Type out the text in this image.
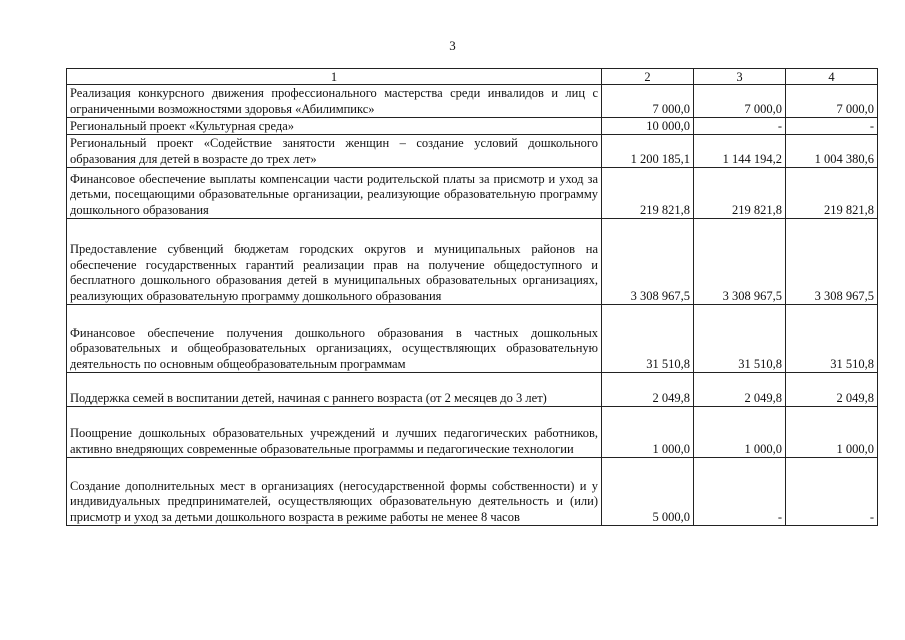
3
1	2	3	4
Реализация конкурсного движения профессионального мастерства среди инвалидов и лиц с ограниченными возможностями здоровья «Абилимпикс»	7 000,0	7 000,0	7 000,0
Региональный проект «Культурная среда»	10 000,0	-	-
Региональный проект «Содействие занятости женщин – создание условий дошкольного образования для детей в возрасте до трех лет»	1 200 185,1	1 144 194,2	1 004 380,6
Финансовое обеспечение выплаты компенсации части родительской платы за присмотр и уход за детьми, посещающими образовательные организации, реализующие образовательную программу дошкольного образования	219 821,8	219 821,8	219 821,8
Предоставление субвенций бюджетам городских округов и муниципальных районов на обеспечение государственных гарантий реализации прав на получение общедоступного и бесплатного дошкольного образования детей в муниципальных образовательных организациях, реализующих образовательную программу дошкольного образования	3 308 967,5	3 308 967,5	3 308 967,5
Финансовое обеспечение получения дошкольного образования в частных дошкольных образовательных и общеобразовательных организациях, осуществляющих образовательную деятельность по основным общеобразовательным программам	31 510,8	31 510,8	31 510,8
Поддержка семей в воспитании детей, начиная с раннего возраста (от 2 месяцев до 3 лет)	2 049,8	2 049,8	2 049,8
Поощрение дошкольных образовательных учреждений и лучших педагогических работников, активно внедряющих современные образовательные программы и педагогические технологии	1 000,0	1 000,0	1 000,0
Создание дополнительных мест в организациях (негосударственной формы собственности) и у индивидуальных предпринимателей, осуществляющих образовательную деятельность и (или) присмотр и уход за детьми дошкольного возраста в режиме работы не менее 8 часов	5 000,0	-	-
